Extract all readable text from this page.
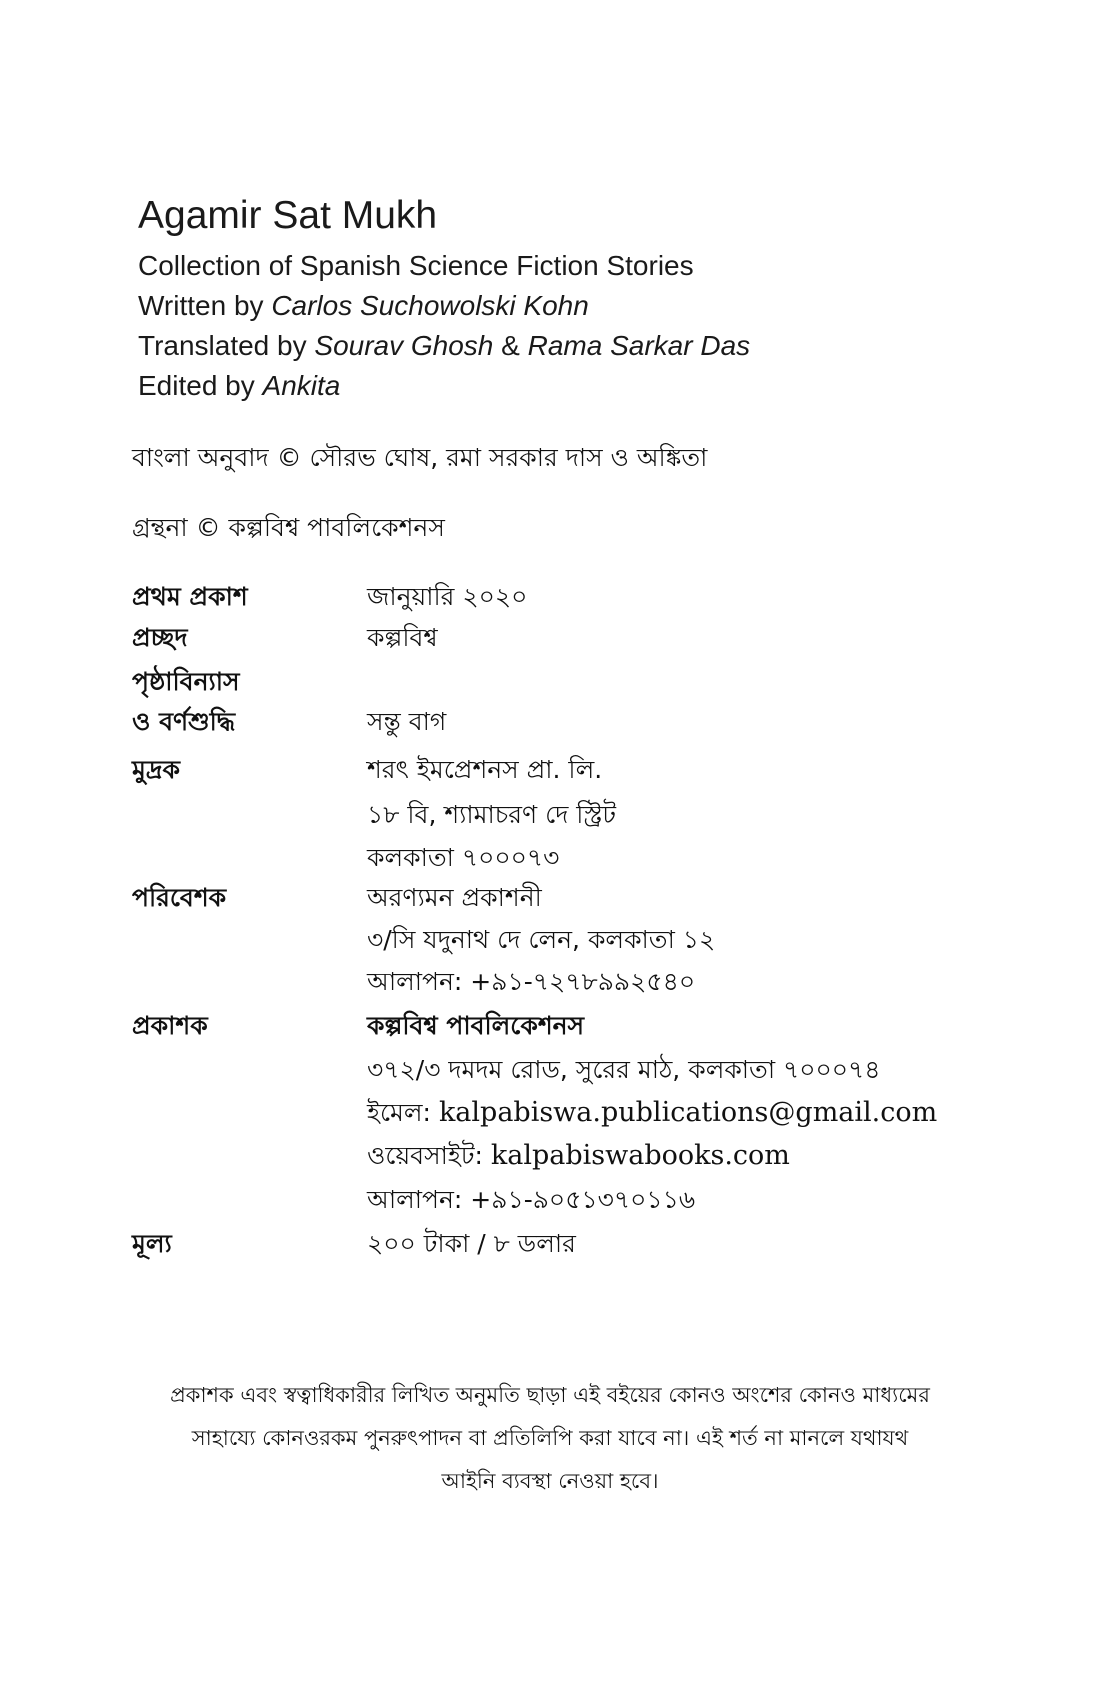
Agamir Sat Mukh
Collection of Spanish Science Fiction Stories
Written by Carlos Suchowolski Kohn
Translated by Sourav Ghosh & Rama Sarkar Das
Edited by Ankita
বাংলা অনুবাদ © সৌরভ ঘোষ, রমা সরকার দাস ও অঙ্কিতা
গ্রন্থনা © কল্পবিশ্ব পাবলিকেশনস
প্রথম প্রকাশ	জানুয়ারি ২০২০
প্রচ্ছদ	কল্পবিশ্ব
পৃষ্ঠাবিন্যাস
ও বর্ণশুদ্ধি	সন্তু বাগ
মুদ্রক	শরৎ ইমপ্রেশনস প্রা. লি.
১৮ বি, শ্যামাচরণ দে স্ট্রিট
কলকাতা ৭০০০৭৩
পরিবেশক	অরণ্যমন প্রকাশনী
৩/সি যদুনাথ দে লেন, কলকাতা ১২
আলাপন: +৯১-৭২৭৮৯৯২৫৪০
প্রকাশক	কল্পবিশ্ব পাবলিকেশনস
৩৭২/৩ দমদম রোড, সুরের মাঠ, কলকাতা ৭০০০৭৪
ইমেল: kalpabiswa.publications@gmail.com
ওয়েবসাইট: kalpabiswabooks.com
আলাপন: +৯১-৯০৫১৩৭০১১৬
মূল্য	২০০ টাকা / ৮ ডলার
প্রকাশক এবং স্বত্বাধিকারীর লিখিত অনুমতি ছাড়া এই বইয়ের কোনও অংশের কোনও মাধ্যমের
সাহায্যে কোনওরকম পুনরুৎপাদন বা প্রতিলিপি করা যাবে না। এই শর্ত না মানলে যথাযথ
আইনি ব্যবস্থা নেওয়া হবে।
